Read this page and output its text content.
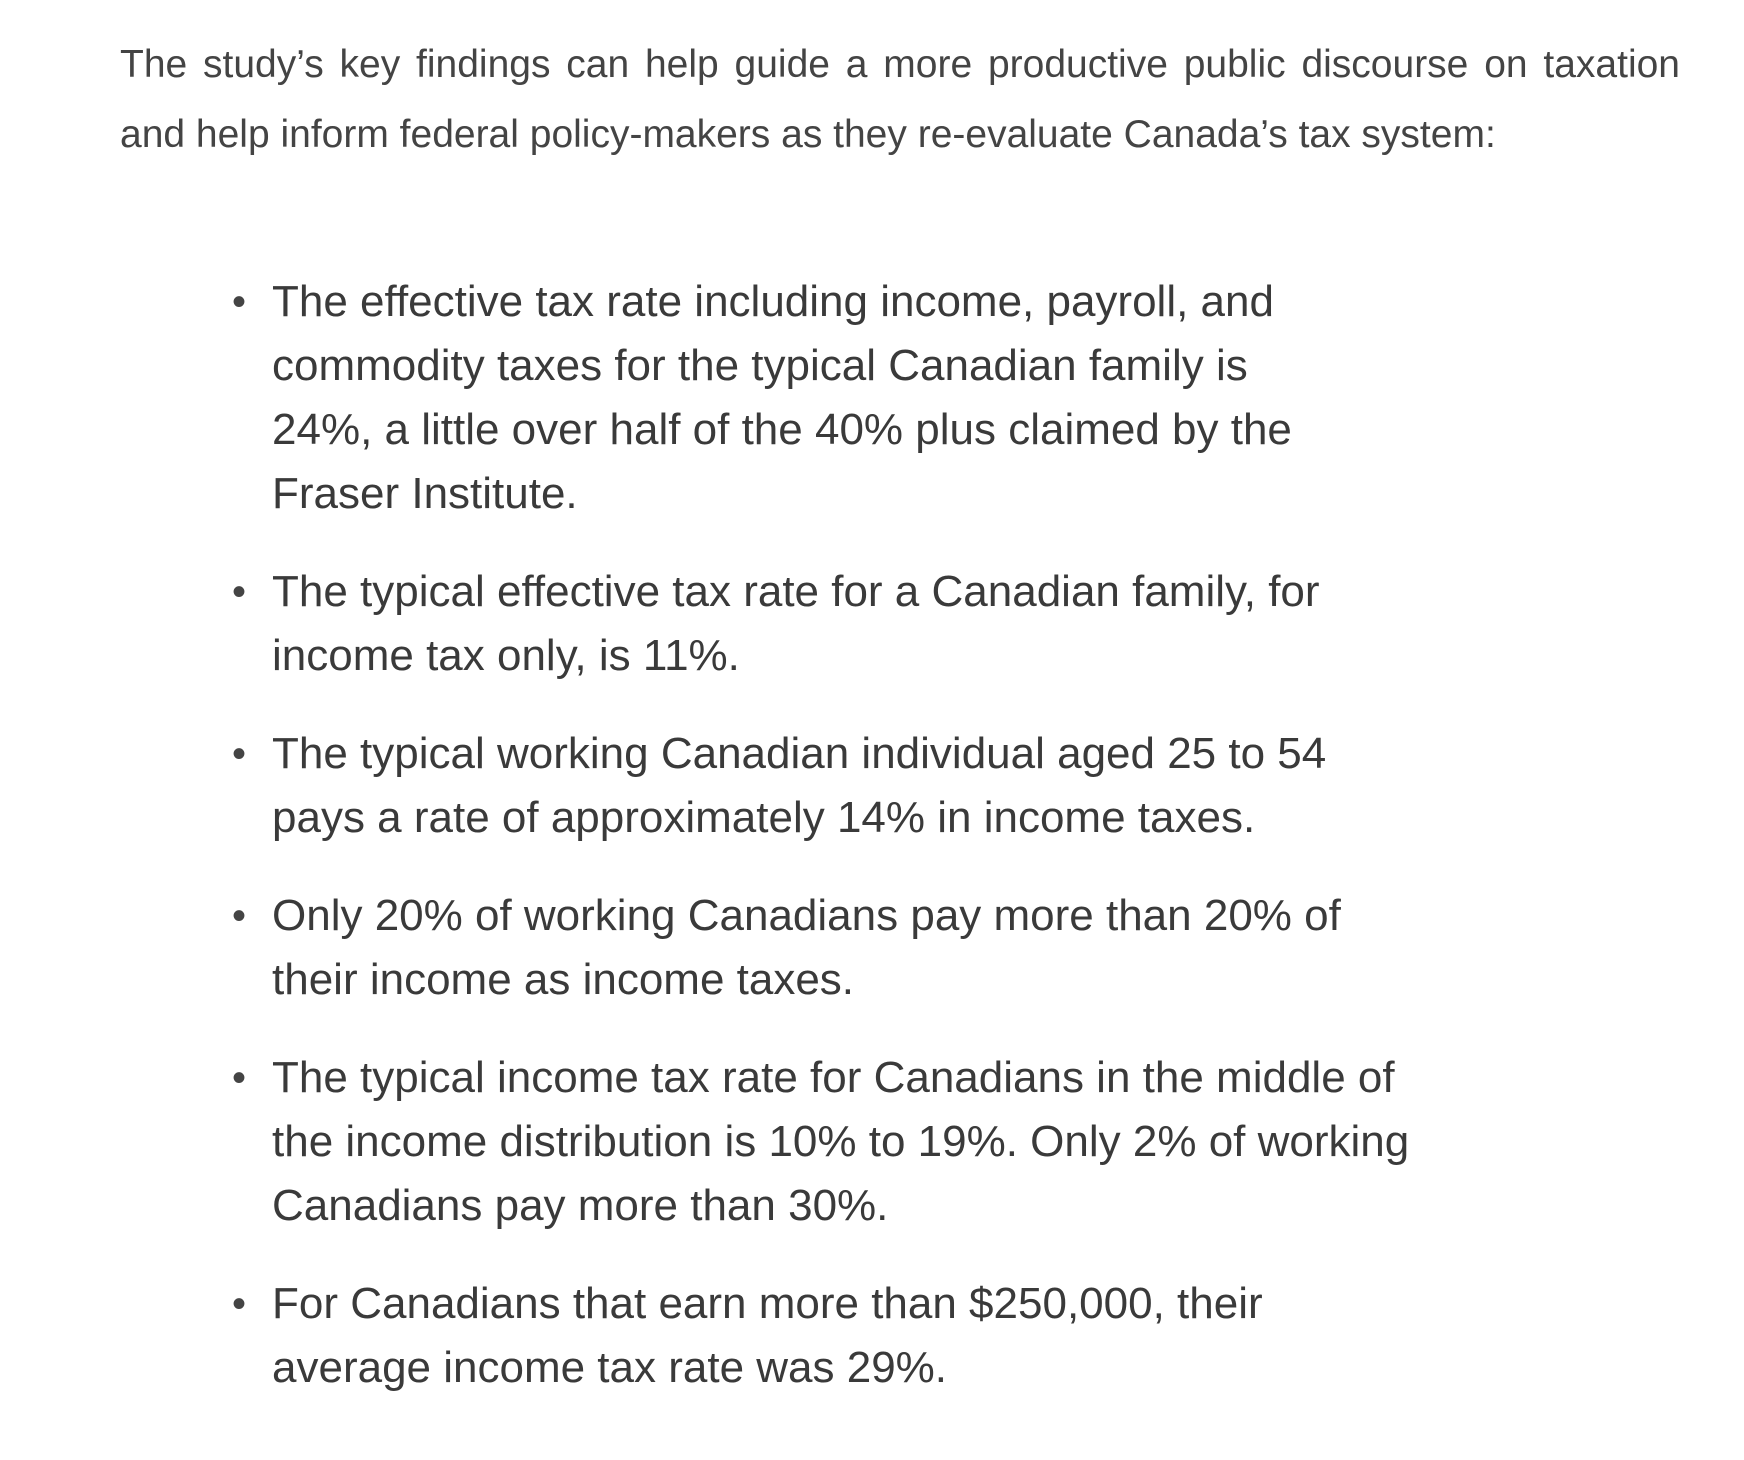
The study’s key findings can help guide a more productive public discourse on taxation and help inform federal policy-makers as they re-evaluate Canada’s tax system:

• The effective tax rate including income, payroll, and commodity taxes for the typical Canadian family is 24%, a little over half of the 40% plus claimed by the Fraser Institute.
• The typical effective tax rate for a Canadian family, for income tax only, is 11%.
• The typical working Canadian individual aged 25 to 54 pays a rate of approximately 14% in income taxes.
• Only 20% of working Canadians pay more than 20% of their income as income taxes.
• The typical income tax rate for Canadians in the middle of the income distribution is 10% to 19%. Only 2% of working Canadians pay more than 30%.
• For Canadians that earn more than $250,000, their average income tax rate was 29%.
